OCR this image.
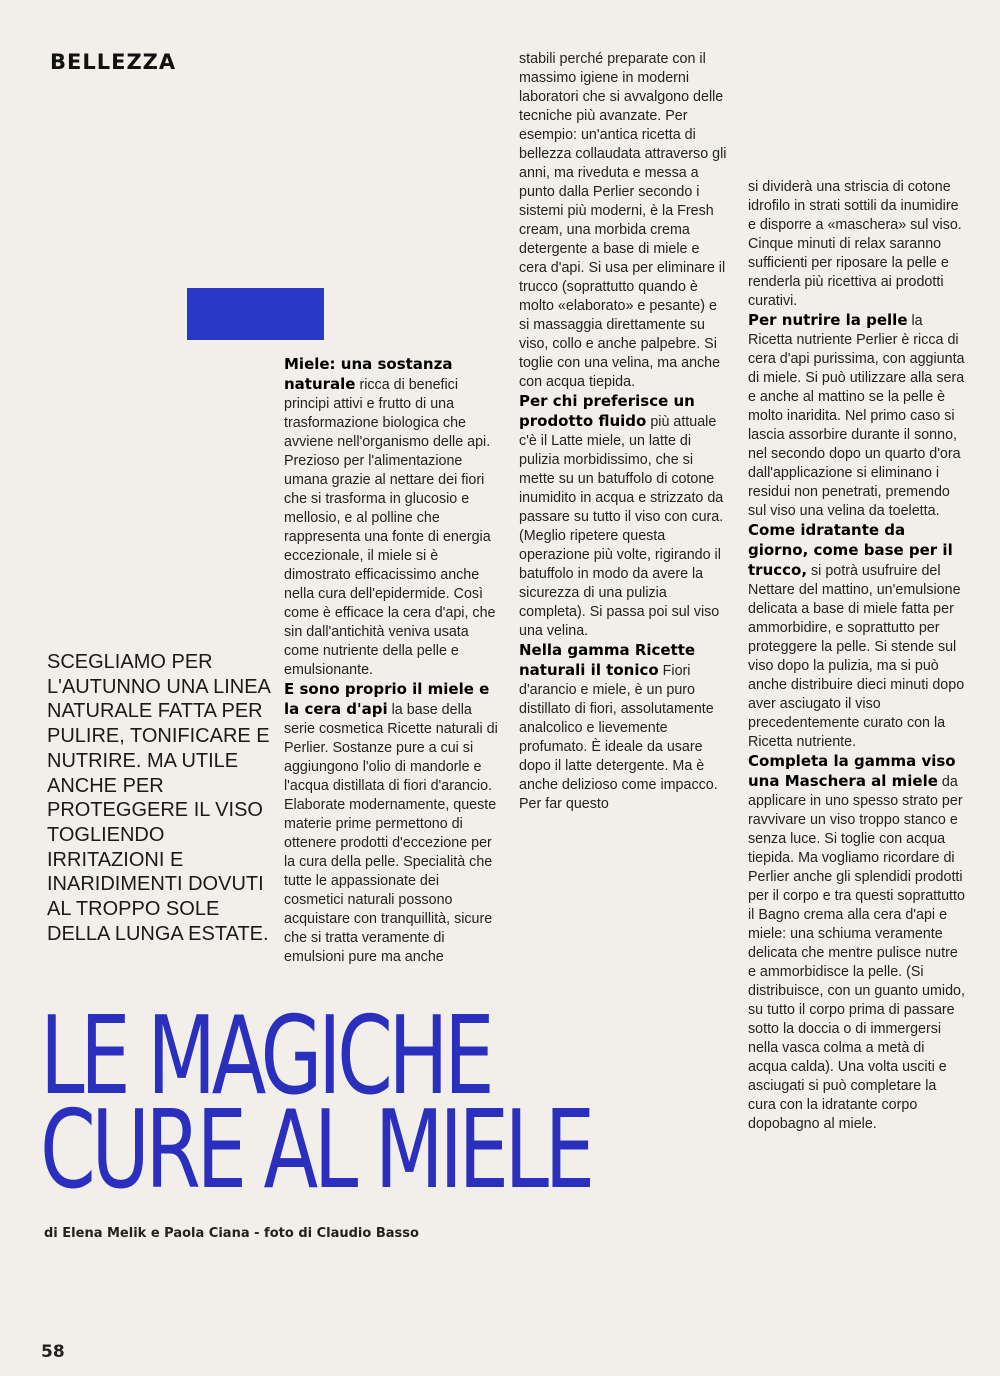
BELLEZZA
SCEGLIAMO PER L'AUTUNNO UNA LINEA NATURALE FATTA PER PULIRE, TONIFICARE E NUTRIRE. MA UTILE ANCHE PER PROTEGGERE IL VISO TOGLIENDO IRRITAZIONI E INARIDIMENTI DOVUTI AL TROPPO SOLE DELLA LUNGA ESTATE.

Miele: una sostanza naturale ricca di benefici principi attivi e frutto di una trasformazione biologica che avviene nell'organismo delle api. Prezioso per l'alimentazione umana grazie al nettare dei fiori che si trasforma in glucosio e mellosio, e al polline che rappresenta una fonte di energia eccezionale, il miele si è dimostrato efficacissimo anche nella cura dell'epidermide. Così come è efficace la cera d'api, che sin dall'antichità veniva usata come nutriente della pelle e emulsionante.

E sono proprio il miele e la cera d'api la base della serie cosmetica Ricette naturali di Perlier. Sostanze pure a cui si aggiungono l'olio di mandorle e l'acqua distillata di fiori d'arancio. Elaborate modernamente, queste materie prime permettono di ottenere prodotti d'eccezione per la cura della pelle. Specialità che tutte le appassionate dei cosmetici naturali possono acquistare con tranquillità, sicure che si tratta veramente di emulsioni pure ma anche

stabili perché preparate con il massimo igiene in moderni laboratori che si avvalgono delle tecniche più avanzate. Per esempio: un'antica ricetta di bellezza collaudata attraverso gli anni, ma riveduta e messa a punto dalla Perlier secondo i sistemi più moderni, è la Fresh cream, una morbida crema detergente a base di miele e cera d'api. Si usa per eliminare il trucco (soprattutto quando è molto «elaborato» e pesante) e si massaggia direttamente su viso, collo e anche palpebre. Si toglie con una velina, ma anche con acqua tiepida.

Per chi preferisce un prodotto fluido più attuale c'è il Latte miele, un latte di pulizia morbidissimo, che si mette su un batuffolo di cotone inumidito in acqua e strizzato da passare su tutto il viso con cura. (Meglio ripetere questa operazione più volte, rigirando il batuffolo in modo da avere la sicurezza di una pulizia completa). Si passa poi sul viso una velina.

Nella gamma Ricette naturali il tonico Fiori d'arancio e miele, è un puro distillato di fiori, assolutamente analcolico e lievemente profumato. È ideale da usare dopo il latte detergente. Ma è anche delizioso come impacco. Per far questo

si dividerà una striscia di cotone idrofilo in strati sottili da inumidire e disporre a «maschera» sul viso. Cinque minuti di relax saranno sufficienti per riposare la pelle e renderla più ricettiva ai prodotti curativi.

Per nutrire la pelle la Ricetta nutriente Perlier è ricca di cera d'api purissima, con aggiunta di miele. Si può utilizzare alla sera e anche al mattino se la pelle è molto inaridita. Nel primo caso si lascia assorbire durante il sonno, nel secondo dopo un quarto d'ora dall'applicazione si eliminano i residui non penetrati, premendo sul viso una velina da toeletta.

Come idratante da giorno, come base per il trucco, si potrà usufruire del Nettare del mattino, un'emulsione delicata a base di miele fatta per ammorbidire, e soprattutto per proteggere la pelle. Si stende sul viso dopo la pulizia, ma si può anche distribuire dieci minuti dopo aver asciugato il viso precedentemente curato con la Ricetta nutriente.

Completa la gamma viso una Maschera al miele da applicare in uno spesso strato per ravvivare un viso troppo stanco e senza luce. Si toglie con acqua tiepida. Ma vogliamo ricordare di Perlier anche gli splendidi prodotti per il corpo e tra questi soprattutto il Bagno crema alla cera d'api e miele: una schiuma veramente delicata che mentre pulisce nutre e ammorbidisce la pelle. (Si distribuisce, con un guanto umido, su tutto il corpo prima di passare sotto la doccia o di immergersi nella vasca colma a metà di acqua calda). Una volta usciti e asciugati si può completare la cura con la idratante corpo dopobagno al miele.

LE MAGICHE
CURE AL MIELE
di Elena Melik e Paola Ciana - foto di Claudio Basso
58
